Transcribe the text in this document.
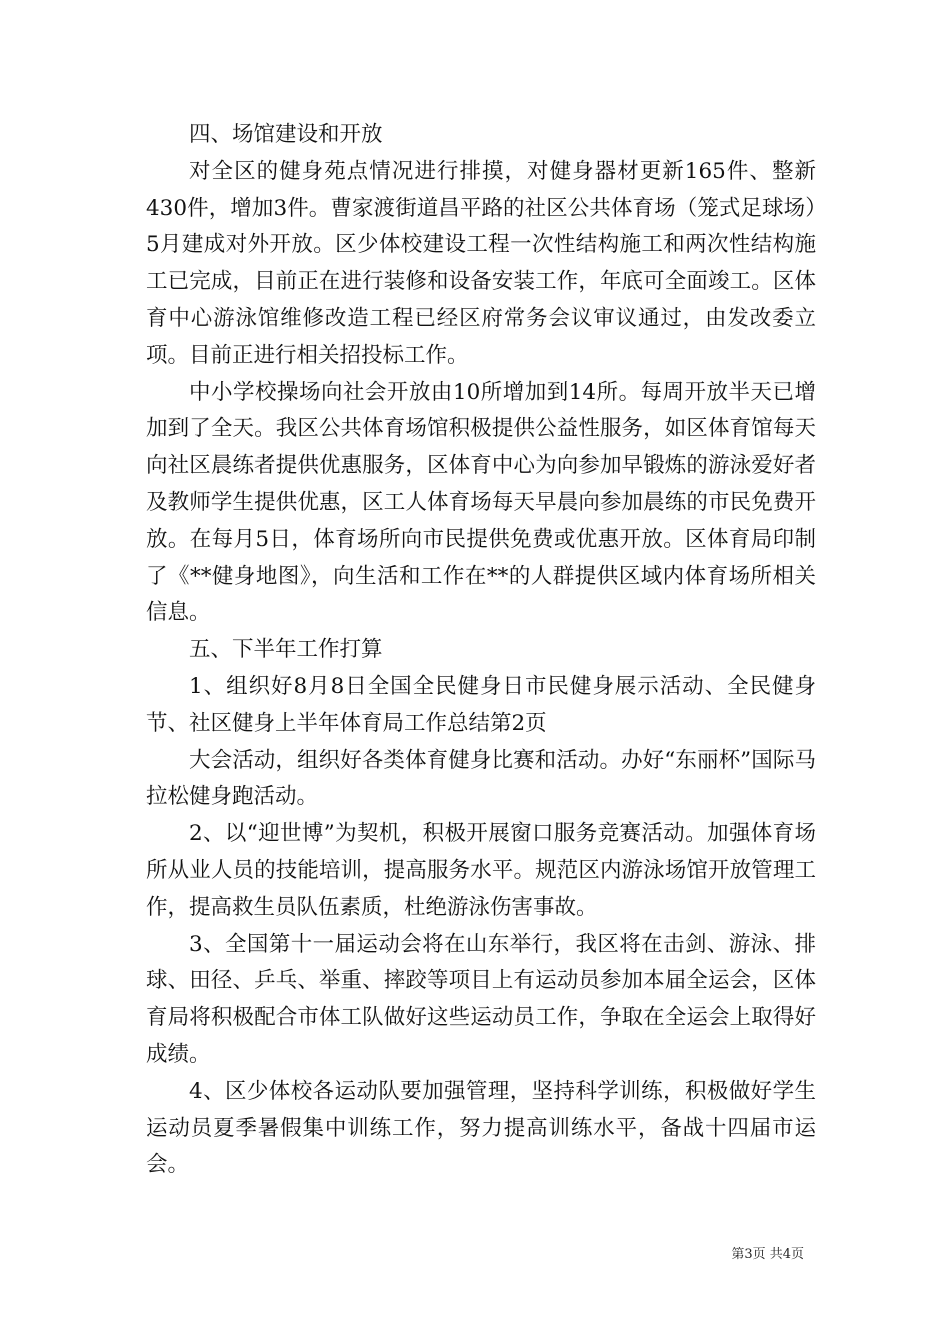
四、场馆建设和开放

对全区的健身苑点情况进行排摸，对健身器材更新165件、整新430件，增加3件。曹家渡街道昌平路的社区公共体育场（笼式足球场）5月建成对外开放。区少体校建设工程一次性结构施工和两次性结构施工已完成，目前正在进行装修和设备安装工作，年底可全面竣工。区体育中心游泳馆维修改造工程已经区府常务会议审议通过，由发改委立项。目前正进行相关招投标工作。

中小学校操场向社会开放由10所增加到14所。每周开放半天已增加到了全天。我区公共体育场馆积极提供公益性服务，如区体育馆每天向社区晨练者提供优惠服务，区体育中心为向参加早锻炼的游泳爱好者及教师学生提供优惠，区工人体育场每天早晨向参加晨练的市民免费开放。在每月5日，体育场所向市民提供免费或优惠开放。区体育局印制了《**健身地图》，向生活和工作在**的人群提供区域内体育场所相关信息。

五、下半年工作打算

1、组织好8月8日全国全民健身日市民健身展示活动、全民健身节、社区健身上半年体育局工作总结第2页

大会活动，组织好各类体育健身比赛和活动。办好“东丽杯”国际马拉松健身跑活动。

2、以“迎世博”为契机，积极开展窗口服务竞赛活动。加强体育场所从业人员的技能培训，提高服务水平。规范区内游泳场馆开放管理工作，提高救生员队伍素质，杜绝游泳伤害事故。

3、全国第十一届运动会将在山东举行，我区将在击剑、游泳、排球、田径、乒乓、举重、摔跤等项目上有运动员参加本届全运会，区体育局将积极配合市体工队做好这些运动员工作，争取在全运会上取得好成绩。

4、区少体校各运动队要加强管理，坚持科学训练，积极做好学生运动员夏季暑假集中训练工作，努力提高训练水平，备战十四届市运会。

第3页 共4页
